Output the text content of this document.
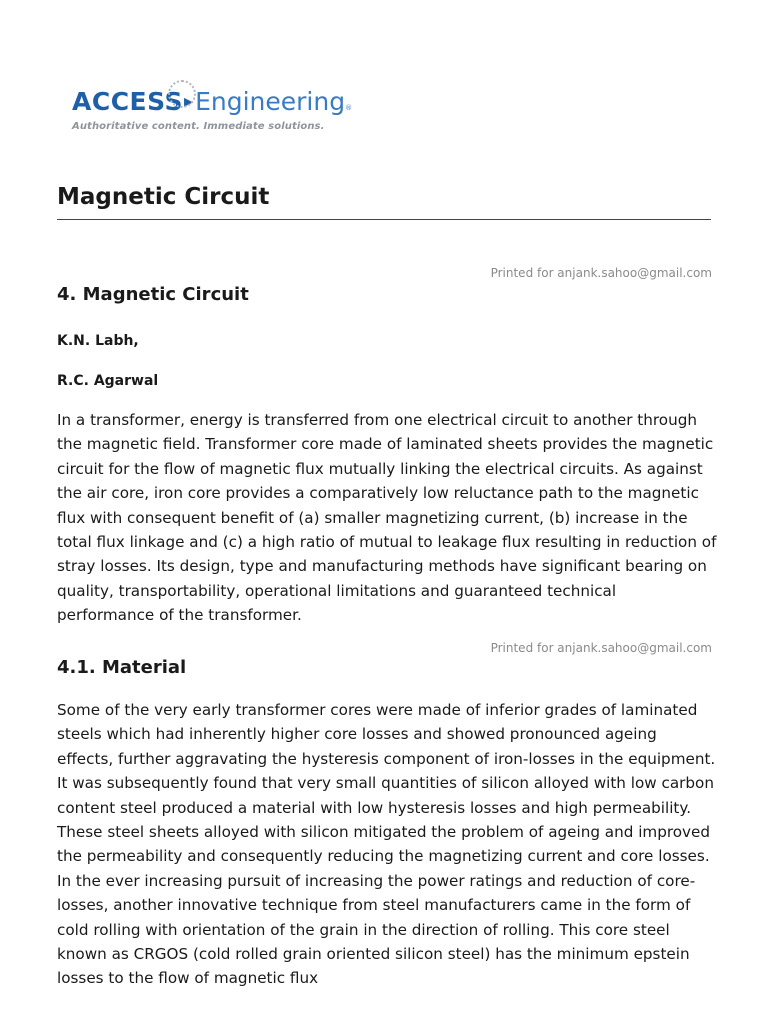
ACCESS ▸ Engineering ®
Authoritative content. Immediate solutions.
Magnetic Circuit
Printed for anjank.sahoo@gmail.com
4. Magnetic Circuit
K.N. Labh,
R.C. Agarwal

In a transformer, energy is transferred from one electrical circuit to another through the magnetic field. Transformer core made of laminated sheets provides the magnetic circuit for the flow of magnetic flux mutually linking the electrical circuits. As against the air core, iron core provides a comparatively low reluctance path to the magnetic flux with consequent benefit of (a) smaller magnetizing current, (b) increase in the total flux linkage and (c) a high ratio of mutual to leakage flux resulting in reduction of stray losses. Its design, type and manufacturing methods have significant bearing on quality, transportability, operational limitations and guaranteed technical performance of the transformer.

Printed for anjank.sahoo@gmail.com
4.1. Material

Some of the very early transformer cores were made of inferior grades of laminated steels which had inherently higher core losses and showed pronounced ageing effects, further aggravating the hysteresis component of iron-losses in the equipment. It was subsequently found that very small quantities of silicon alloyed with low carbon content steel produced a material with low hysteresis losses and high permeability. These steel sheets alloyed with silicon mitigated the problem of ageing and improved the permeability and consequently reducing the magnetizing current and core losses. In the ever increasing pursuit of increasing the power ratings and reduction of core-losses, another innovative technique from steel manufacturers came in the form of cold rolling with orientation of the grain in the direction of rolling. This core steel known as CRGOS (cold rolled grain oriented silicon steel) has the minimum epstein losses to the flow of magnetic flux
